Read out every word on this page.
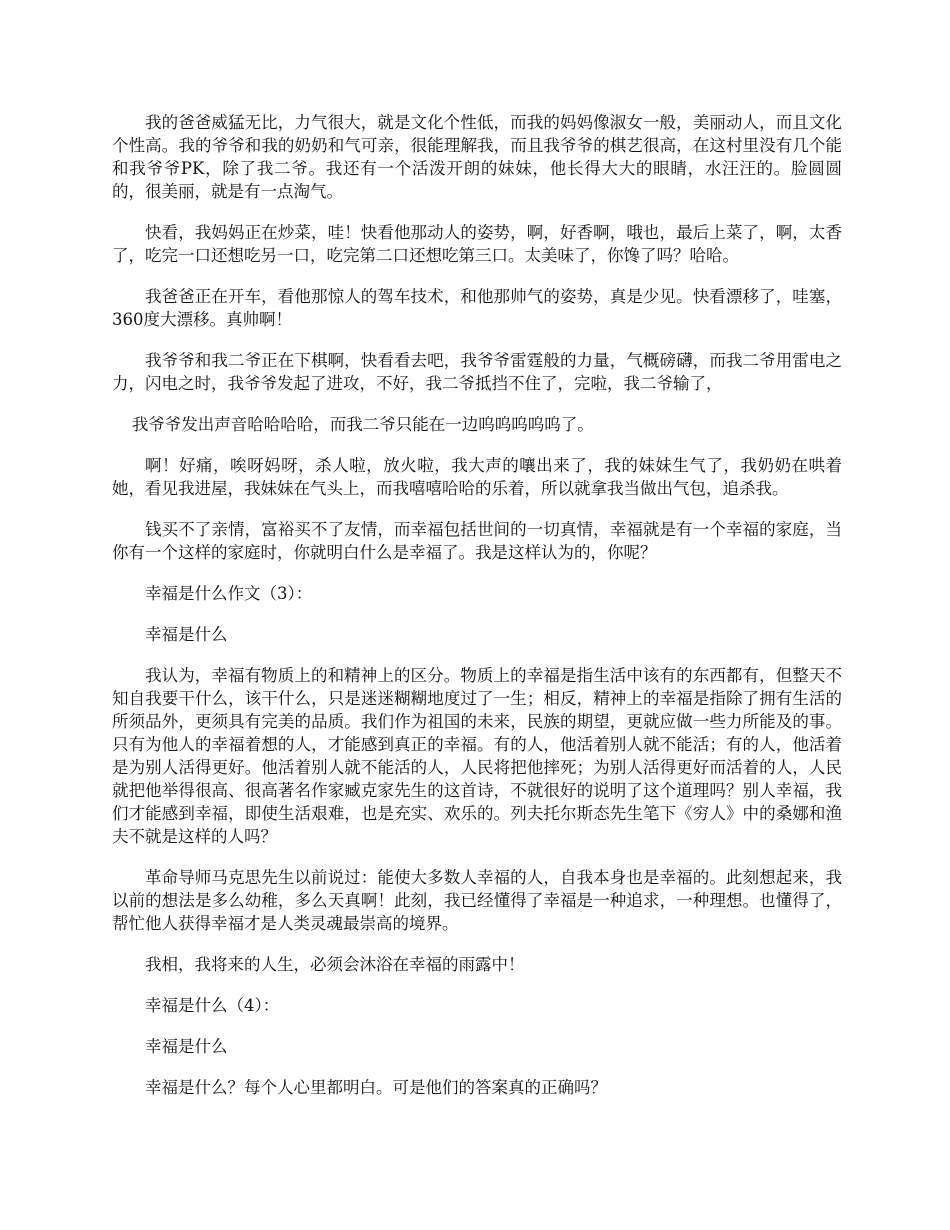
我的爸爸威猛无比，力气很大，就是文化个性低，而我的妈妈像淑女一般，美丽动人，而且文化个性高。我的爷爷和我的奶奶和气可亲，很能理解我，而且我爷爷的棋艺很高，在这村里没有几个能和我爷爷PK，除了我二爷。我还有一个活泼开朗的妹妹，他长得大大的眼睛，水汪汪的。脸圆圆的，很美丽，就是有一点淘气。

快看，我妈妈正在炒菜，哇！快看他那动人的姿势，啊，好香啊，哦也，最后上菜了，啊，太香了，吃完一口还想吃另一口，吃完第二口还想吃第三口。太美味了，你馋了吗？哈哈。

我爸爸正在开车，看他那惊人的驾车技术，和他那帅气的姿势，真是少见。快看漂移了，哇塞，360度大漂移。真帅啊！

我爷爷和我二爷正在下棋啊，快看看去吧，我爷爷雷霆般的力量，气概磅礴，而我二爷用雷电之力，闪电之时，我爷爷发起了进攻，不好，我二爷抵挡不住了，完啦，我二爷输了，

我爷爷发出声音哈哈哈哈，而我二爷只能在一边呜呜呜呜呜了。

啊！好痛，唉呀妈呀，杀人啦，放火啦，我大声的嚷出来了，我的妹妹生气了，我奶奶在哄着她，看见我进屋，我妹妹在气头上，而我嘻嘻哈哈的乐着，所以就拿我当做出气包，追杀我。

钱买不了亲情，富裕买不了友情，而幸福包括世间的一切真情，幸福就是有一个幸福的家庭，当你有一个这样的家庭时，你就明白什么是幸福了。我是这样认为的，你呢？

幸福是什么作文（3）：

幸福是什么

我认为，幸福有物质上的和精神上的区分。物质上的幸福是指生活中该有的东西都有，但整天不知自我要干什么，该干什么，只是迷迷糊糊地度过了一生；相反，精神上的幸福是指除了拥有生活的所须品外，更须具有完美的品质。我们作为祖国的未来，民族的期望，更就应做一些力所能及的事。只有为他人的幸福着想的人，才能感到真正的幸福。有的人，他活着别人就不能活；有的人，他活着是为别人活得更好。他活着别人就不能活的人，人民将把他摔死；为别人活得更好而活着的人，人民就把他举得很高、很高著名作家臧克家先生的这首诗，不就很好的说明了这个道理吗？别人幸福，我们才能感到幸福，即使生活艰难，也是充实、欢乐的。列夫托尔斯态先生笔下《穷人》中的桑娜和渔夫不就是这样的人吗？

革命导师马克思先生以前说过：能使大多数人幸福的人，自我本身也是幸福的。此刻想起来，我以前的想法是多么幼稚，多么天真啊！此刻，我已经懂得了幸福是一种追求，一种理想。也懂得了，帮忙他人获得幸福才是人类灵魂最崇高的境界。

我相，我将来的人生，必须会沐浴在幸福的雨露中！

幸福是什么（4）：

幸福是什么

幸福是什么？每个人心里都明白。可是他们的答案真的正确吗？
